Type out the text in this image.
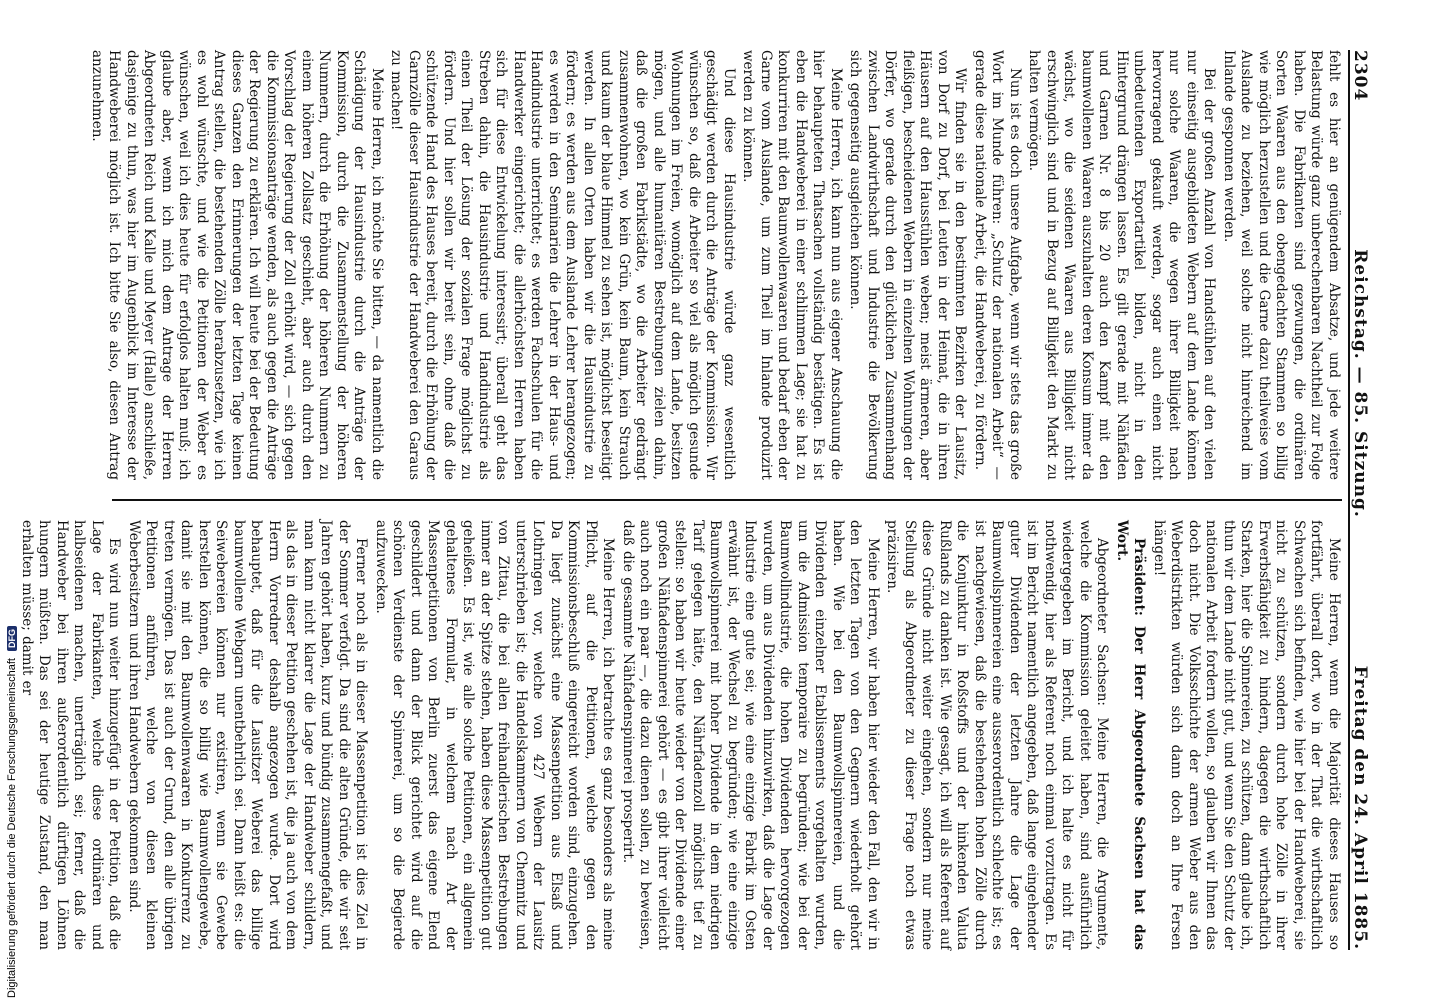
2304
Reichstag. — 85. Sitzung.
Freitag den 24. April 1885.

fehlt es hier an genügendem Absatze, und jede weitere Belastung würde ganz unberechenbaren Nachtheil zur Folge haben. Die Fabrikanten sind gezwungen, die ordinären Sorten Waaren aus den obengedachten Stammen so billig wie möglich herzustellen und die Garne dazu theilweise vom Auslande zu beziehen, weil solche nicht hinreichend im Inlande gesponnen werden.

Bei der großen Anzahl von Handstühlen auf den vielen nur einseitig ausgebildeten Webern auf dem Lande können nur solche Waaren, die wegen ihrer Billigkeit nach hervorragend gekauft werden, sogar auch einen nicht unbedeutenden Exportartikel bilden, nicht in den Hintergrund drängen lassen. Es gilt gerade mit Nähfäden und Garnen Nr. 8 bis 20 auch den Kampf mit den baumwollenen Waaren auszuhalten deren Konsum immer da wächst, wo die seidenen Waaren aus Billigkeit nicht erschwinglich sind und in Bezug auf Billigkeit den Markt zu halten vermögen.

Nun ist es doch unsere Aufgabe, wenn wir stets das große Wort im Munde führen: „Schutz der nationalen Arbeit“ — gerade diese nationale Arbeit, die Handweberei, zu fördern.

Wir finden sie in den bestimmten Bezirken der Lausitz, von Dorf zu Dorf, bei Leuten in der Heimat, die in ihren Häusern auf den Hausstühlen weben; meist ärmeren, aber fleißigen, bescheidenen Webern in einzelnen Wohnungen der Dörfer, wo gerade durch den glücklichen Zusammenhang zwischen Landwirthschaft und Industrie die Bevölkerung sich gegenseitig ausgleichen können.

Meine Herren, ich kann nun aus eigener Anschauung die hier behaupteten Thatsachen vollständig bestätigen. Es ist eben die Handweberei in einer schlimmen Lage; sie hat zu konkurriren mit den Baumwollenwaaren und bedarf eben der Garne vom Auslande, um zum Theil im Inlande produzirt werden zu können.

Und diese Hausindustrie würde ganz wesentlich geschädigt werden durch die Anträge der Kommission. Wir wünschen so, daß die Arbeiter so viel als möglich gesunde Wohnungen im Freien, womöglich auf dem Lande, besitzen mögen, und alle humanitären Bestrebungen zielen dahin, daß die großen Fabrikstädte, wo die Arbeiter gedrängt zusammenwohnen, wo kein Grün, kein Baum, kein Strauch und kaum der blaue Himmel zu sehen ist, möglichst beseitigt werden. In allen Orten haben wir die Hausindustrie zu fördern; es werden aus dem Auslande Lehrer herangezogen; es werden in den Seminarien die Lehrer in der Haus- und Handindustrie unterrichtet; es werden Fachschulen für die Handwerker eingerichtet; die allerhöchsten Herren haben sich für diese Entwickelung interessirt; überall geht das Streben dahin, die Hausindustrie und Handindustrie als einen Theil der Lösung der sozialen Frage möglichst zu fördern. Und hier sollen wir bereit sein, ohne daß die schützende Hand des Hauses bereit, durch die Erhöhung der Garnzölle dieser Hausindustrie der Handweberei den Garaus zu machen!

Meine Herren, ich möchte Sie bitten, — da namentlich die Schädigung der Hausindustrie durch die Anträge der Kommission, durch die Zusammenstellung der höheren Nummern, durch die Erhöhung der höheren Nummern zu einem höheren Zollsatz geschieht, aber auch durch den Vorschlag der Regierung der Zoll erhöht wird, — sich gegen die Kommissionsanträge wenden, als auch gegen die Anträge der Regierung zu erklären. Ich will heute bei der Bedeutung dieses Ganzen den Erinnerungen der letzten Tage keinen Antrag stellen, die bestehenden Zölle herabzusetzen, wie ich es wohl wünschte, und wie die Petitionen der Weber es wünschen, weil ich dies heute für erfolglos halten muß; ich glaube aber, wenn ich mich dem Antrage der Herren Abgeordneten Reich und Kalle und Meyer (Halle) anschließe, dasjenige zu thun, was hier im Augenblick im Interesse der Handweberei möglich ist. Ich bitte Sie also, diesen Antrag anzunehmen.

Meine Herren, wenn die Majorität dieses Hauses so fortfährt, überall dort, wo in der That die wirthschaftlich Schwachen sich befinden, wie hier bei der Handweberei, sie nicht zu schützen, sondern durch hohe Zölle in ihrer Erwerbsfähigkeit zu hindern, dagegen die wirthschaftlich Starken, hier die Spinnereien, zu schützen, dann glaube ich, thun wir dem Lande nicht gut, und wenn Sie den Schutz der nationalen Arbeit fordern wollen, so glauben wir Ihnen das doch nicht. Die Volksschichte der armen Weber aus den Weberdistrikten würden sich dann doch an Ihre Fersen hängen!

Präsident: Der Herr Abgeordnete Sachsen hat das Wort.

Abgeordneter Sachsen: Meine Herren, die Argumente, welche die Kommission geleitet haben, sind ausführlich wiedergegeben im Bericht, und ich halte es nicht für nothwendig, hier als Referent noch einmal vorzutragen. Es ist im Bericht namentlich angegeben, daß lange eingehender guter Dividenden der letzten Jahre die Lage der Baumwollspinnereien eine ausserordentlich schlechte ist; es ist nachgewiesen, daß die bestehenden hohen Zölle durch die Konjunktur in Roßstoffs und der hinkenden Valuta Rußlands zu danken ist. Wie gesagt, ich will als Referent auf diese Gründe nicht weiter eingehen, sondern nur meine Stellung als Abgeordneter zu dieser Frage noch etwas präzisiren.

Meine Herren, wir haben hier wieder den Fall, den wir in den letzten Tagen von den Gegnern wiederholt gehört haben. Wie bei den Baumwollspinnereien, und die Dividenden einzelner Etablissements vorgehalten wurden, um die Admission temporaire zu begründen; wie bei der Baumwollindustrie, die hohen Dividenden hervorgezogen wurden, um aus Dividenden hinzuwirken, daß die Lage der Industrie eine gute sei; wie eine einzige Fabrik im Osten erwähnt ist, der Wechsel zu begründen; wie eine einzige Baumwollspinnerei mit hoher Dividende in dem niedrigen Tarif gelegen hätte, den Nährfadenzoll möglichst tief zu stellen: so haben wir heute wieder von der Dividende einer großen Nähfadenspinnerei gehört — es gibt ihrer vielleicht auch noch ein paar —, die dazu dienen sollen, zu beweisen, daß die gesammte Nähfadenspinnerei prosperirt.

Meine Herren, ich betrachte es ganz besonders als meine Pflicht, auf die Petitionen, welche gegen den Kommissionsbeschluß eingereicht worden sind, einzugehen. Da liegt zunächst eine Massenpetition aus Elsaß und Lothringen vor, welche von 427 Webern der Lausitz unterschrieben ist; die Handelskammern von Chemnitz und von Zittau, die bei allen freihandlerischen Bestrebungen immer an der Spitze stehen, haben diese Massenpetition gut geheißen. Es ist, wie alle solche Petitionen, ein allgemein gehaltenes Formular, in welchem nach Art der Massenpetitionen von Berlin zuerst das eigene Elend geschildert und dann der Blick gerichtet wird auf die schönen Verdienste der Spinnerei, um so die Begierde aufzuwecken.

Ferner noch als in dieser Massenpetition ist dies Ziel in der Sommer verfolgt. Da sind die alten Gründe, die wir seit Jahren gehört haben, kurz und bündig zusammengefaßt, und man kann nicht klarer die Lage der Handweber schildern, als das in dieser Petition geschehen ist, die ja auch von dem Herrn Vorredner deshalb angezogen wurde. Dort wird behauptet, daß für die Lausitzer Weberei das billige baumwollene Webgarn unentbehrlich sei. Dann heißt es: die Seiwebereien können nur existiren, wenn sie Gewebe herstellen können, die so billig wie Baumwollengewebe, damit sie mit den Baumwollenwaaren in Konkurrenz zu treten vermögen. Das ist auch der Grund, den alle übrigen Petitionen anführen, welche von diesen kleinen Weberbesitzern und ihren Handwebern gekommen sind.

Es wird nun weiter hinzugefügt in der Petition, daß die Lage der Fabrikanten, welche diese ordinären und halbseidenen machen, unerträglich sei; ferner, daß die Handweber bei ihren außerordentlich dürftigen Löhnen hungern müßten. Das sei der heutige Zustand, den man erhalten müsse; damit er

Digitalisierung gefördert durch die Deutsche Forschungsgemeinschaft DFG
